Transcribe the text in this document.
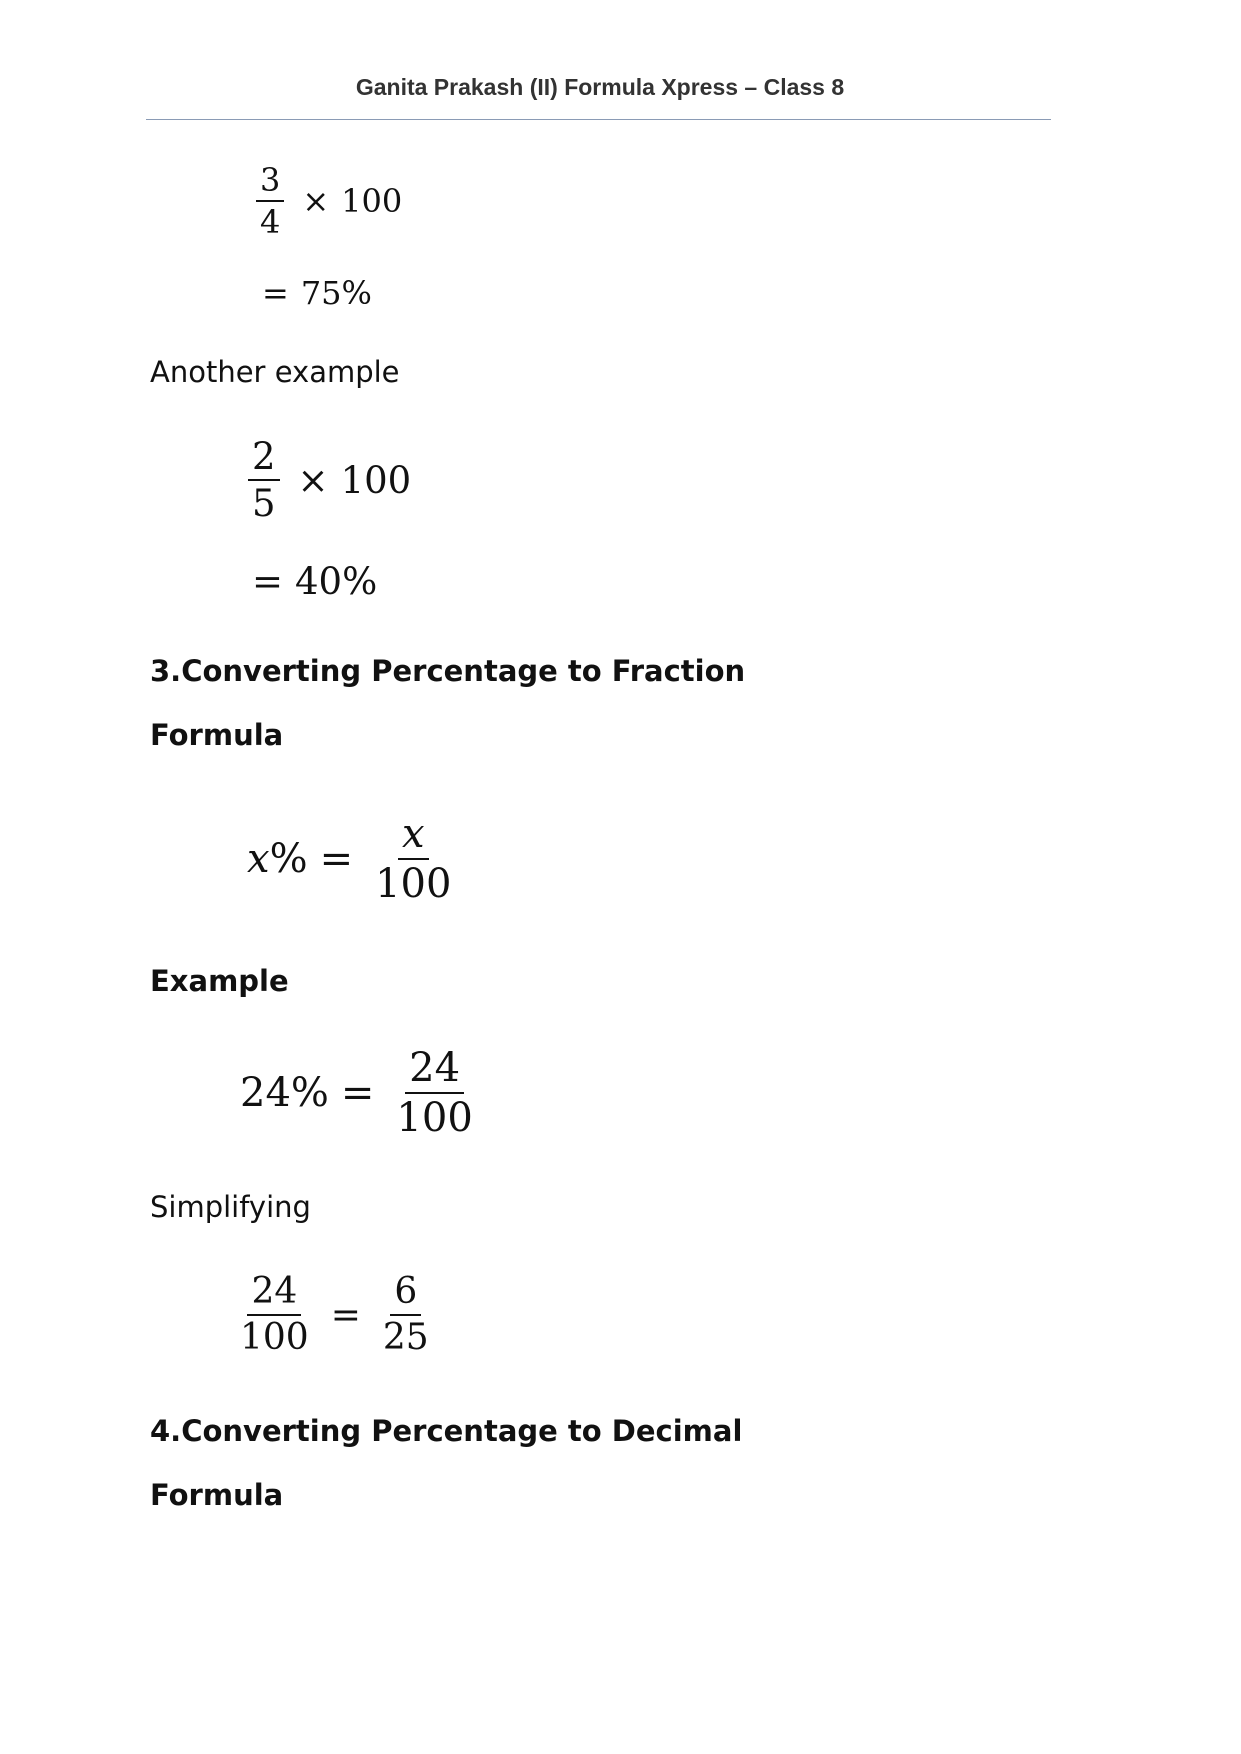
Ganita Prakash (II) Formula Xpress – Class 8
$\frac{3}{4} \times 100$
= 75%
Another example
$\frac{2}{5} \times 100$
= 40%
3.Converting Percentage to Fraction
Formula
x % = $\frac{x}{100}$
Example
$24\% = \frac{24}{100}$
Simplifying
$\frac{24}{100} = \frac{6}{25}$
4.Converting Percentage to Decimal
Formula
